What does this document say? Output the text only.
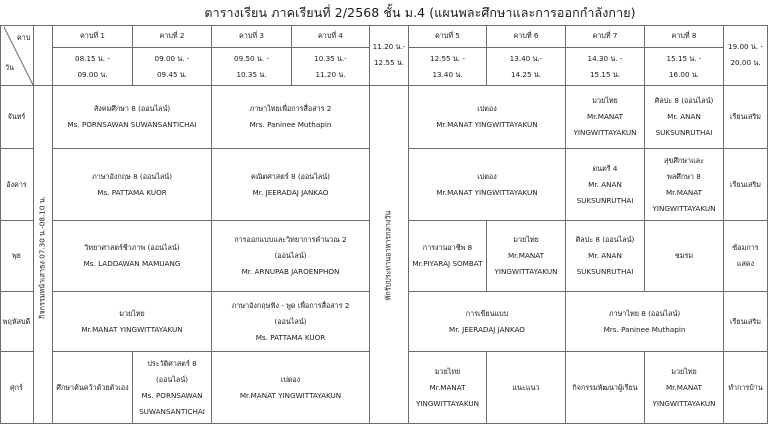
ตารางเรียน ภาคเรียนที่ 2/2568 ชั้น ม.4 (แผนพละศึกษาและการออกกำลังกาย)
คาบ
วัน
กิจกรรมหน้าเสาธง 07.30 น.-08.10 น.
คาบที่ 1
08.15 น. -
09.00 น.
คาบที่ 2
09.00 น. -
09.45 น.
คาบที่ 3
09.50 น. -
10.35 น.
คาบที่ 4
10.35 น.-
11.20 น.
คาบที่ 5
12.55 น. -
13.40 น.
คาบที่ 6
13.40 น.-
14.25 น.
คาบที่ 7
14.30 น. -
15.15 น.
คาบที่ 8
15.15 น. -
16.00 น.
11.20 น.-
12.55 น.
พักรับประทานอาหารกลางวัน
19.00 น. -
20.00 น.
จันทร์
สังคมศึกษา 8 (ออนไลน์)
Ms. PORNSAWAN SUWANSANTICHAI
ภาษาไทยเพื่อการสื่อสาร 2
Mrs. Paninee Muthapin
เปตอง
Mr.MANAT YINGWITTAYAKUN
มวยไทย
Mr.MANAT
YINGWITTAYAKUN
ศิลปะ 8 (ออนไลน์)
Mr. ANAN
SUKSUNRUTHAI
เรียนเสริม
อังคาร
ภาษาอังกฤษ 8 (ออนไลน์)
Ms. PATTAMA KUOR
คณิตศาสตร์ 8 (ออนไลน์)
Mr. JEERADAJ JANKAO
เปตอง
Mr.MANAT YINGWITTAYAKUN
ดนตรี 4
Mr. ANAN
SUKSUNRUTHAI
สุขศึกษาและ
พลศึกษา 8
Mr.MANAT
YINGWITTAYAKUN
เรียนเสริม
พุธ
วิทยาศาสตร์ชีวภาพ (ออนไลน์)
Ms. LADDAWAN MAMUANG
การออกแบบและวิทยาการคำนวณ 2
(ออนไลน์)
Mr. ARNUPAB JAROENPHON
การงานอาชีพ 8
Mr.PIYARAJ SOMBAT
มวยไทย
Mr.MANAT
YINGWITTAYAKUN
ศิลปะ 8 (ออนไลน์)
Mr. ANAN
SUKSUNRUTHAI
ชมรม
ซ้อมการ
แสดง
พฤหัสบดี
มวยไทย
Mr.MANAT YINGWITTAYAKUN
ภาษาอังกฤษฟัง - พูด เพื่อการสื่อสาร 2
(ออนไลน์)
Ms. PATTAMA KUOR
การเขียนแบบ
Mr. JEERADAJ JANKAO
ภาษาไทย 8 (ออนไลน์)
Mrs. Paninee Muthapin
เรียนเสริม
ศุกร์	ศึกษาค้นคว้าด้วยตัวเอง
ประวัติศาสตร์ 8
(ออนไลน์)
Ms. PORNSAWAN
SUWANSANTICHAI
เปตอง
Mr.MANAT YINGWITTAYAKUN
มวยไทย
Mr.MANAT
YINGWITTAYAKUN
แนะแนว	กิจกรรมพัฒนาผู้เรียน
มวยไทย
Mr.MANAT
YINGWITTAYAKUN
ทำการบ้าน
